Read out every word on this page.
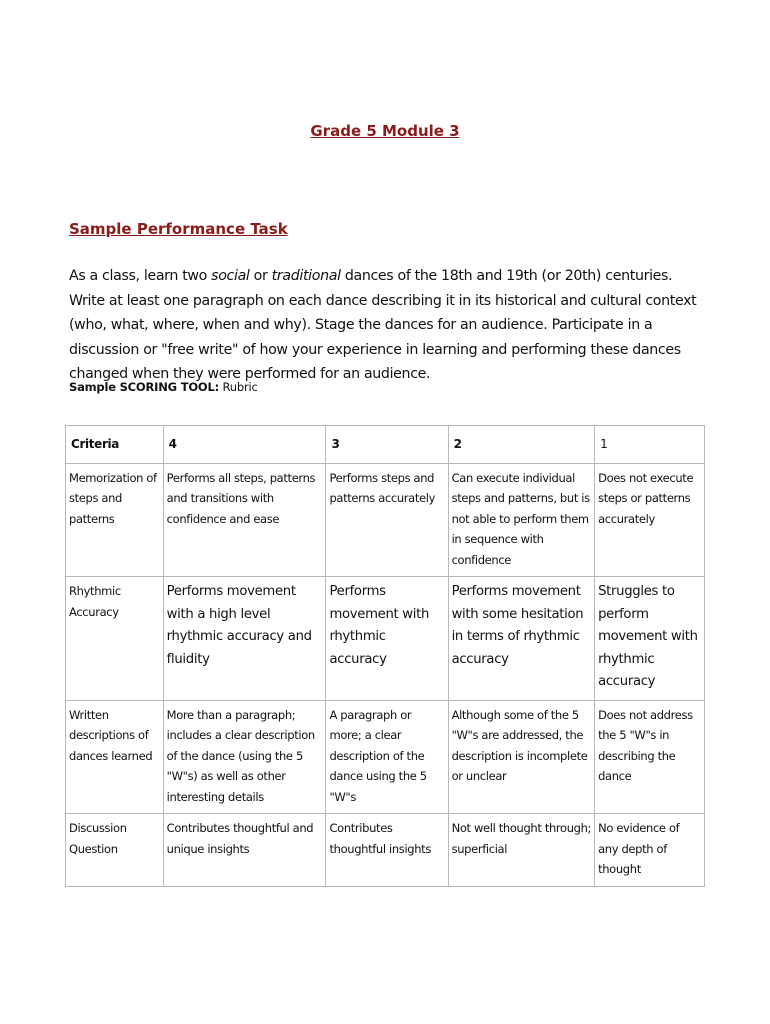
Grade 5 Module 3
Sample Performance Task
As a class, learn two social or traditional dances of the 18th and 19th (or 20th) centuries. Write at least one paragraph on each dance describing it in its historical and cultural context (who, what, where, when and why). Stage the dances for an audience. Participate in a discussion or "free write" of how your experience in learning and performing these dances changed when they were performed for an audience.
Sample SCORING TOOL: Rubric
Criteria	4	3	2	1
Memorization of steps and patterns	Performs all steps, patterns and transitions with confidence and ease	Performs steps and patterns accurately	Can execute individual steps and patterns, but is not able to perform them in sequence with confidence	Does not execute steps or patterns accurately
Rhythmic Accuracy	Performs movement with a high level rhythmic accuracy and fluidity	Performs movement with rhythmic accuracy	Performs movement with some hesitation in terms of rhythmic accuracy	Struggles to perform movement with rhythmic accuracy
Written descriptions of dances learned	More than a paragraph; includes a clear description of the dance (using the 5 "W"s) as well as other interesting details	A paragraph or more; a clear description of the dance using the 5 "W"s	Although some of the 5 "W"s are addressed, the description is incomplete or unclear	Does not address the 5 "W"s in describing the dance
Discussion Question	Contributes thoughtful and unique insights	Contributes thoughtful insights	Not well thought through; superficial	No evidence of any depth of thought
